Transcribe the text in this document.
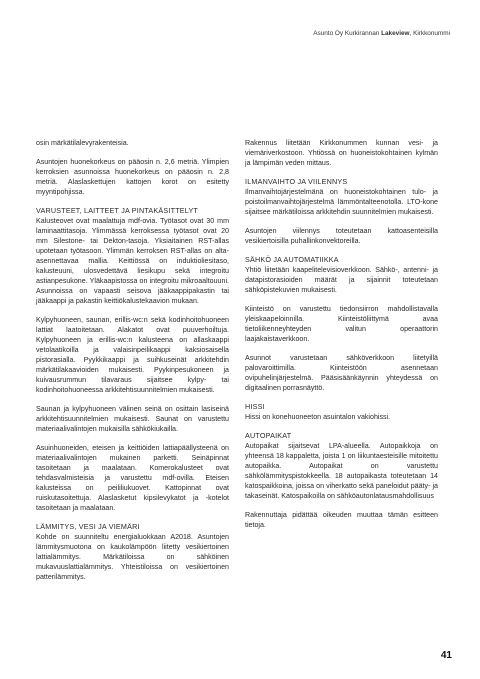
Asunto Oy Kurkirannan Lakeview, Kirkkonummi

osin märkätilalevyrakenteisia.

Asuntojen huonekorkeus on pääosin n. 2,6 metriä. Ylimpien kerroksien asunnoissa huonekorkeus on pääosin n. 2,8 metriä. Alaslaskettujen kattojen korot on esitetty myyntipohjissa.

VARUSTEET, LAITTEET JA PINTAKÄSITTELYT

Kalusteovet ovat maalattuja mdf-ovia. Työtasot ovat 30 mm laminaattitasoja. Ylimmässä kerroksessa työtasot ovat 20 mm Silestone- tai Dekton-tasoja. Yksiaitainen RST-allas upotetaan työtasoon. Ylimmän kerroksen RST-allas on alta-asennettavaa mallia. Keittiössä on induktioliesitaso, kalusteuuni, ulosvedettävä liesikupu sekä integroitu astianpesukone. Yläkaapistossa on integroitu mikroaaltouuni. Asunnoissa on vapaasti seisova jääkaappipakastin tai jääkaappi ja pakastin keittiökalustekaavion mukaan.

Kylpyhuoneen, saunan, erillis-wc:n sekä kodinhoitohuoneen lattiat laatoitetaan. Alakatot ovat puuverhoiltuja. Kylpyhuoneen ja erillis-wc:n kalusteena on allaskaappi vetolaatikoilla ja valaisinpeilikaappi kaksiosaisella pistorasialla. Pyykkikaappi ja suihkuseinät arkkitehdin märkätilakaavioiden mukaisesti. Pyykinpesukoneen ja kuivausrummun tilavaraus sijaitsee kylpy- tai kodinhoitohuoneessa arkkitehtisuunnitelmien mukaisesti.

Saunan ja kylpyhuoneen välinen seinä on osittain lasiseinä arkkitehtisuunnitelmien mukaisesti. Saunat on varustettu materiaalivalintojen mukaisilla sähkökiukailla.

Asuinhuoneiden, eteisen ja keittiöiden lattiapäällysteenä on materiaalivalintojen mukainen parketti. Seinäpinnat tasoitetaan ja maalataan. Komerokalusteet ovat tehdasvalmisteisia ja varustettu mdf-ovilla. Eteisen kalusteissa on peililiukuovet. Kattopinnat ovat ruiskutasoitettuja. Alaslasketut kipsilevykatot ja -kotelot tasoitetaan ja maalataan.

LÄMMITYS, VESI JA VIEMÄRI

Kohde on suunniteltu energialuokkaan A2018. Asuntojen lämmitysmuotona on kaukolämpöön liitetty vesikiertoinen lattialämmitys. Märkätiloissa on sähköinen mukavuuslattialämmitys. Yhteistiloissa on vesikiertoinen patterilämmitys.

Rakennus liitetään Kirkkonummen kunnan vesi- ja viemäriverkostoon. Yhtiössä on huoneistokohtainen kylmän ja lämpimän veden mittaus.

ILMANVAIHTO JA VIILENNYS

Ilmanvaihtojärjestelmänä on huoneistokohtainen tulo- ja poistoilmanvaihtojärjestelmä lämmöntalteenotolla. LTO-kone sijaitsee märkätiloissa arkkitehdin suunnitelmien mukaisesti.

Asuntojen viilennys toteutetaan kattoasenteisilla vesikiertoisilla puhallinkonvektoreilla.

SÄHKÖ JA AUTOMATIIKKA

Yhtiö liitetään kaapelitelevisioverkkoon. Sähkö-, antenni- ja datapistorasioiden määrät ja sijainnit toteutetaan sähköpistekuvien mukaisesti.

Kiinteistö on varustettu tiedonsiirron mahdollistavalla yleiskaapeloinnilla. Kiinteistöliittymä avaa tietoliikenneyhteyden valitun operaattorin laajakaistaverkkoon.

Asunnot varustetaan sähköverkkoon liitetyillä palovaroittimilla. Kiinteistöön asennetaan ovipuhelinjärjestelmä. Pääsisäänkäynnin yhteydessä on digitaalinen porrasnäyttö.

HISSI

Hissi on konehuoneeton asuintalon vakiohissi.

AUTOPAIKAT

Autopaikat sijaitsevat LPA-alueella. Autopaikkoja on yhteensä 18 kappaletta, joista 1 on liikuntaesteisille mitoitettu autopaikka. Autopaikat on varustettu sähkölämmityspistokkeella. 18 autopaikasta toteutetaan 14 katospaikkoina, joissa on viherkatto sekä paneloidut pääty- ja takaseinät. Katospaikoilla on sähköautonlatausmahdollisuus

Rakennuttaja pidättää oikeuden muuttaa tämän esitteen tietoja.

41
